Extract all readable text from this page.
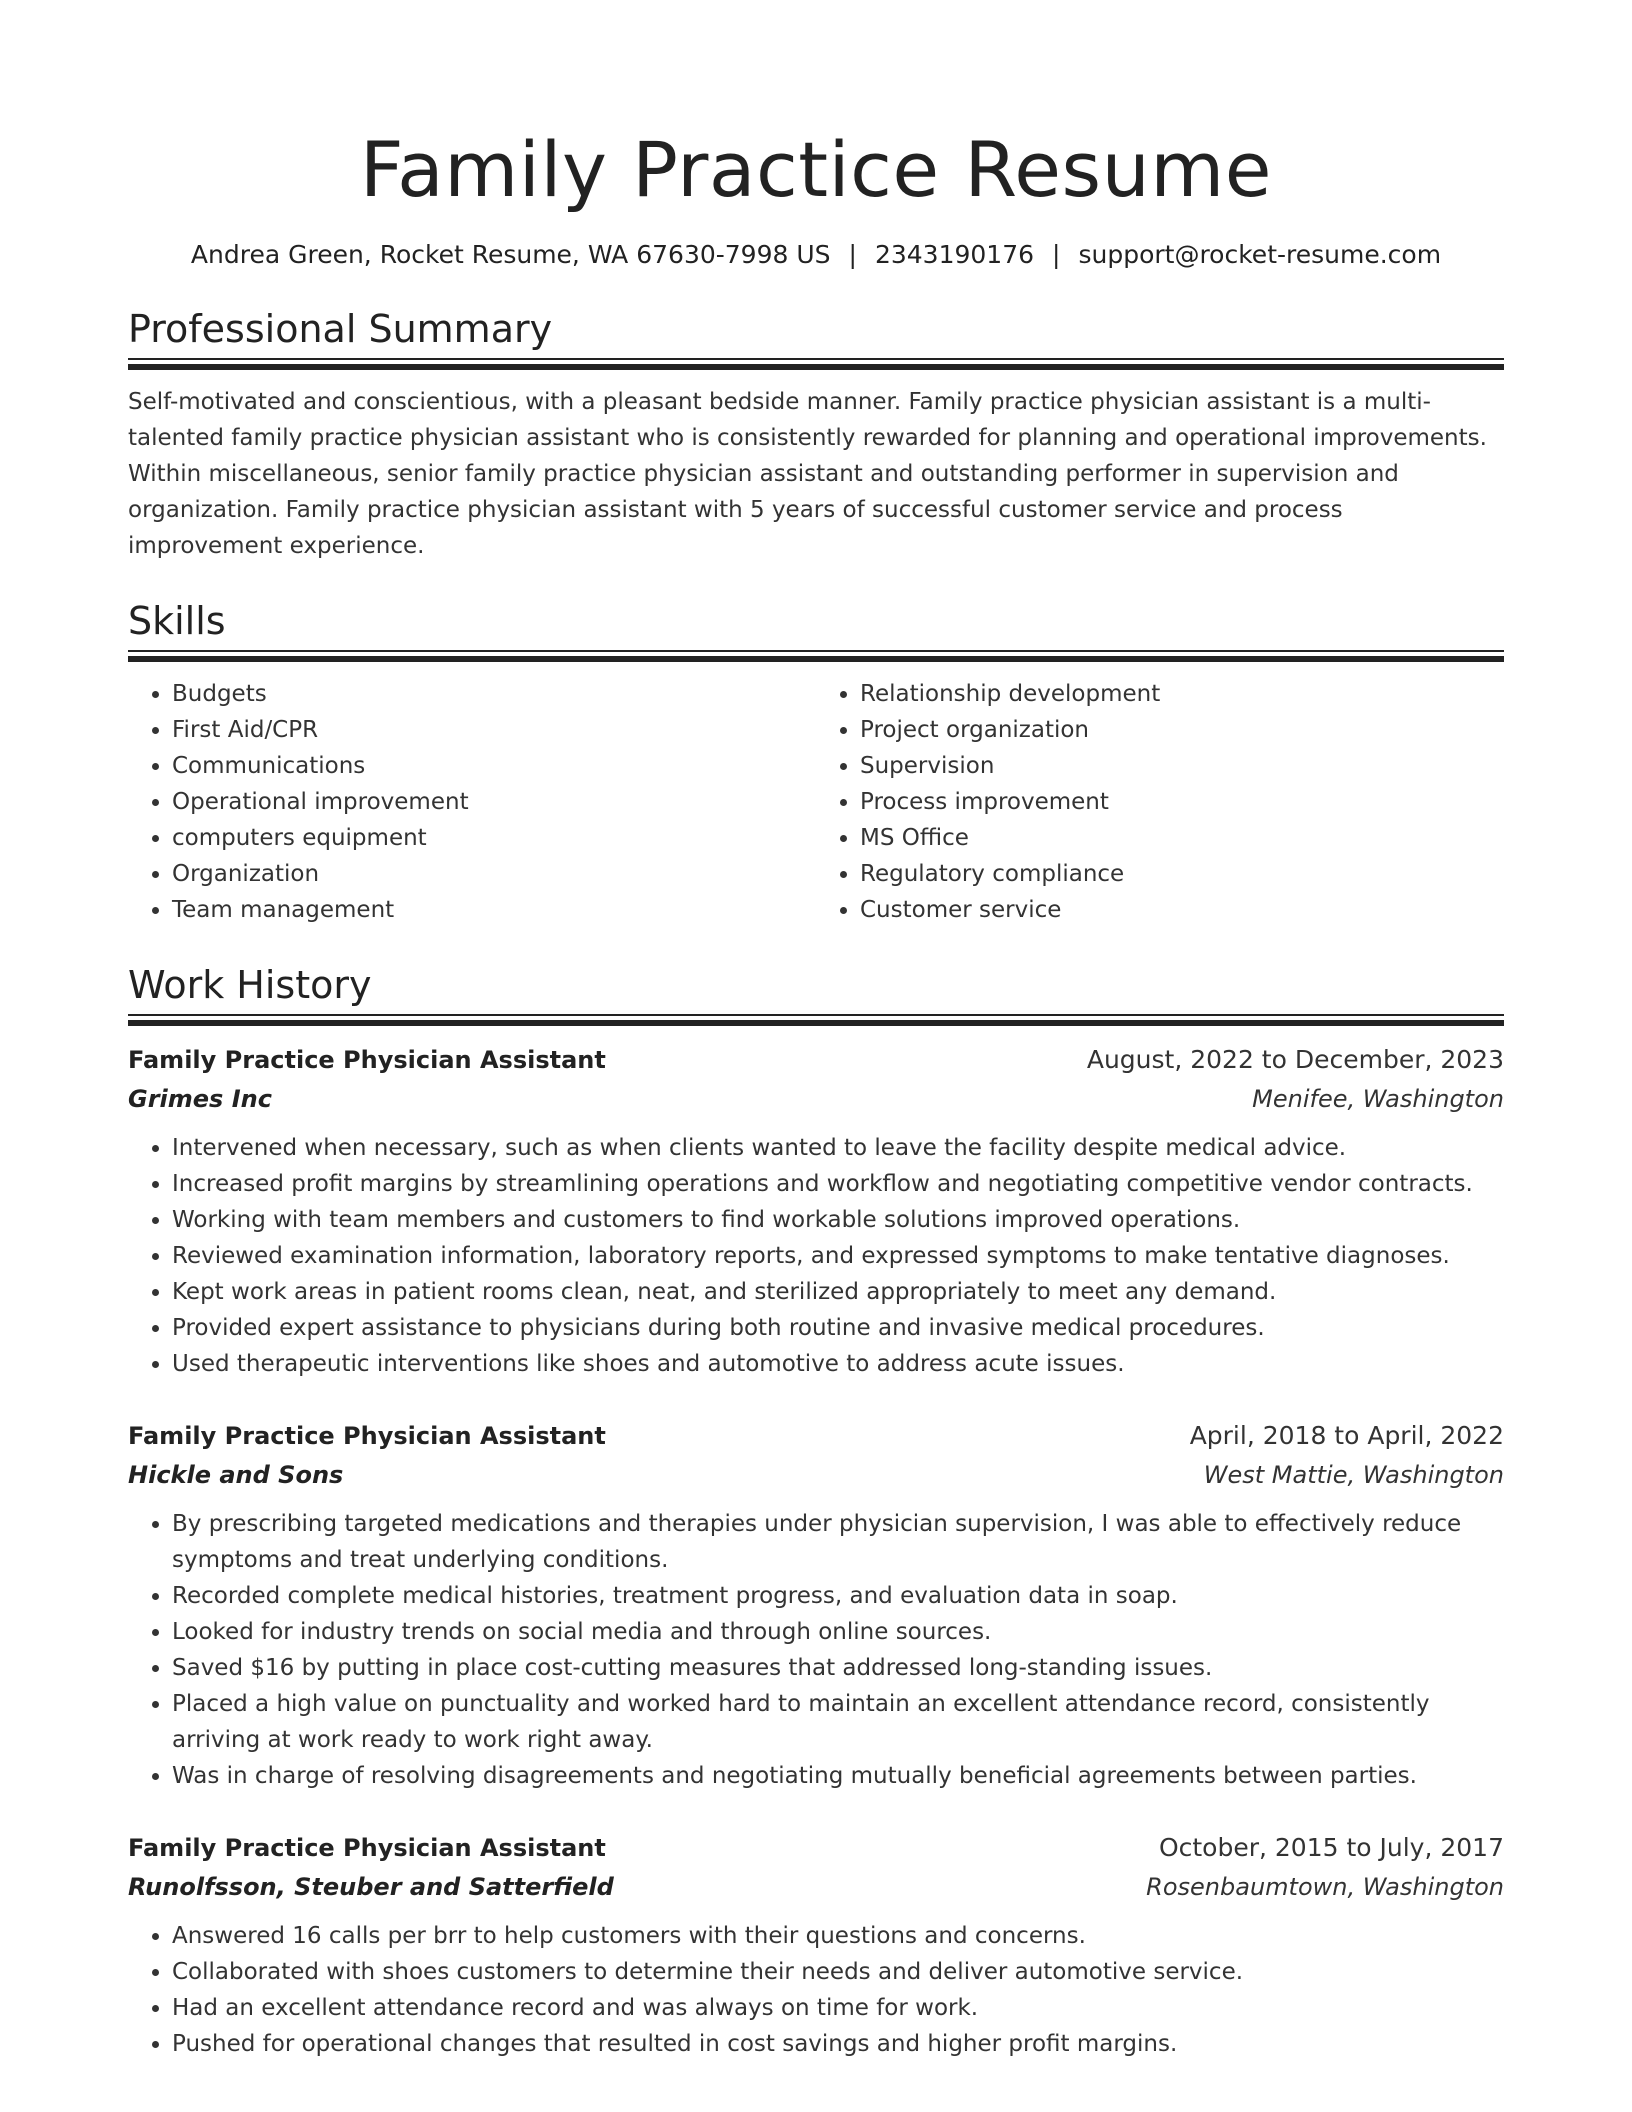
Family Practice Resume
Andrea Green, Rocket Resume, WA 67630-7998 US | 2343190176 | support@rocket-resume.com
Professional Summary

Self-motivated and conscientious, with a pleasant bedside manner. Family practice physician assistant is a multi-talented family practice physician assistant who is consistently rewarded for planning and operational improvements. Within miscellaneous, senior family practice physician assistant and outstanding performer in supervision and organization. Family practice physician assistant with 5 years of successful customer service and process improvement experience.

Skills
• Budgets
• First Aid/CPR
• Communications
• Operational improvement
• computers equipment
• Organization
• Team management
• Relationship development
• Project organization
• Supervision
• Process improvement
• MS Office
• Regulatory compliance
• Customer service
Work History
Family Practice Physician Assistant	August, 2022 to December, 2023
Grimes Inc	Menifee, Washington
• Intervened when necessary, such as when clients wanted to leave the facility despite medical advice.
• Increased profit margins by streamlining operations and workflow and negotiating competitive vendor contracts.
• Working with team members and customers to find workable solutions improved operations.
• Reviewed examination information, laboratory reports, and expressed symptoms to make tentative diagnoses.
• Kept work areas in patient rooms clean, neat, and sterilized appropriately to meet any demand.
• Provided expert assistance to physicians during both routine and invasive medical procedures.
• Used therapeutic interventions like shoes and automotive to address acute issues.
Family Practice Physician Assistant	April, 2018 to April, 2022
Hickle and Sons	West Mattie, Washington
• By prescribing targeted medications and therapies under physician supervision, I was able to effectively reduce symptoms and treat underlying conditions.
• Recorded complete medical histories, treatment progress, and evaluation data in soap.
• Looked for industry trends on social media and through online sources.
• Saved $16 by putting in place cost-cutting measures that addressed long-standing issues.
• Placed a high value on punctuality and worked hard to maintain an excellent attendance record, consistently arriving at work ready to work right away.
• Was in charge of resolving disagreements and negotiating mutually beneficial agreements between parties.
Family Practice Physician Assistant	October, 2015 to July, 2017
Runolfsson, Steuber and Satterfield	Rosenbaumtown, Washington
• Answered 16 calls per brr to help customers with their questions and concerns.
• Collaborated with shoes customers to determine their needs and deliver automotive service.
• Had an excellent attendance record and was always on time for work.
• Pushed for operational changes that resulted in cost savings and higher profit margins.
